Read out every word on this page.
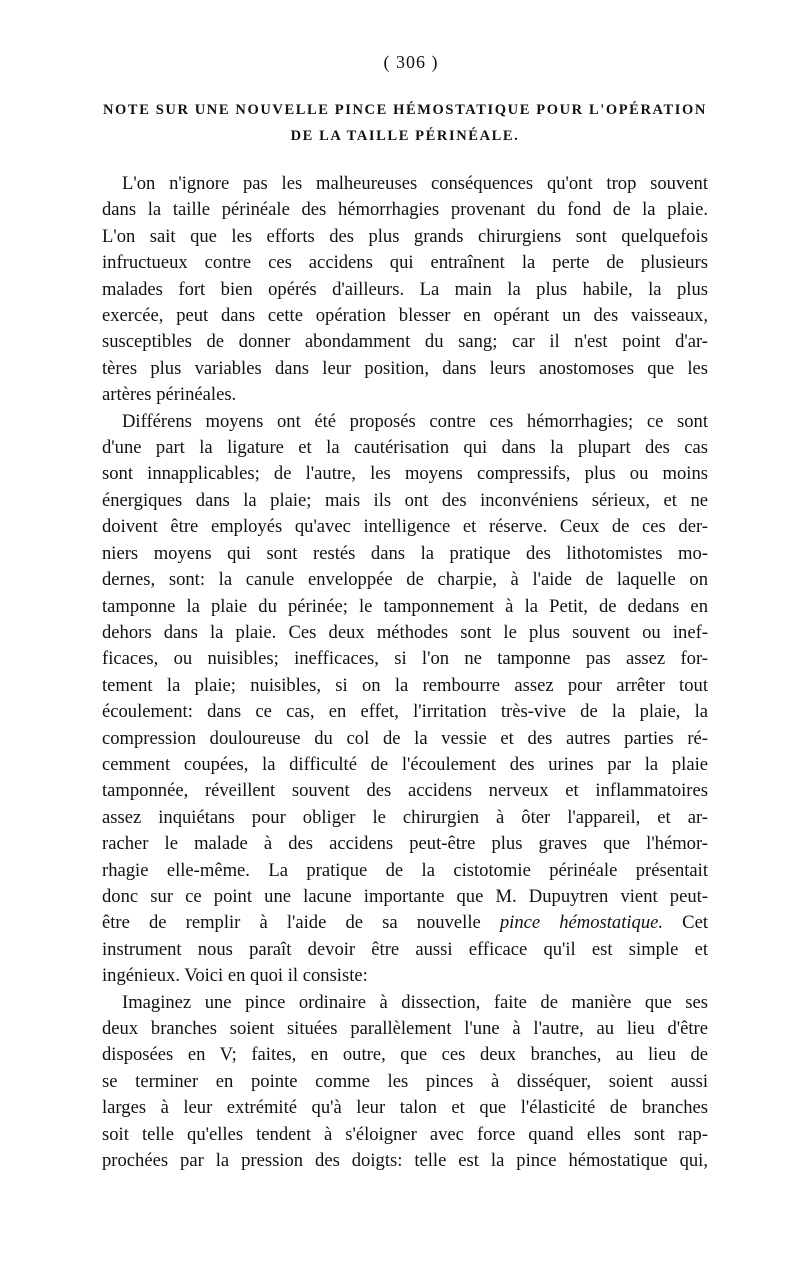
( 306 )
NOTE SUR UNE NOUVELLE PINCE HÉMOSTATIQUE POUR L'OPÉRATION
DE LA TAILLE PÉRINÉALE.

L'on n'ignore pas les malheureuses conséquences qu'ont trop souvent
dans la taille périnéale des hémorrhagies provenant du fond de la plaie.
L'on sait que les efforts des plus grands chirurgiens sont quelquefois
infructueux contre ces accidens qui entraînent la perte de plusieurs
malades fort bien opérés d'ailleurs. La main la plus habile, la plus
exercée, peut dans cette opération blesser en opérant un des vaisseaux,
susceptibles de donner abondamment du sang; car il n'est point d'ar-
tères plus variables dans leur position, dans leurs anostomoses que les
artères périnéales.

Différens moyens ont été proposés contre ces hémorrhagies; ce sont
d'une part la ligature et la cautérisation qui dans la plupart des cas
sont innapplicables; de l'autre, les moyens compressifs, plus ou moins
énergiques dans la plaie; mais ils ont des inconvéniens sérieux, et ne
doivent être employés qu'avec intelligence et réserve. Ceux de ces der-
niers moyens qui sont restés dans la pratique des lithotomistes mo-
dernes, sont: la canule enveloppée de charpie, à l'aide de laquelle on
tamponne la plaie du périnée; le tamponnement à la Petit, de dedans en
dehors dans la plaie. Ces deux méthodes sont le plus souvent ou inef-
ficaces, ou nuisibles; inefficaces, si l'on ne tamponne pas assez for-
tement la plaie; nuisibles, si on la rembourre assez pour arrêter tout
écoulement: dans ce cas, en effet, l'irritation très-vive de la plaie, la
compression douloureuse du col de la vessie et des autres parties ré-
cemment coupées, la difficulté de l'écoulement des urines par la plaie
tamponnée, réveillent souvent des accidens nerveux et inflammatoires
assez inquiétans pour obliger le chirurgien à ôter l'appareil, et ar-
racher le malade à des accidens peut-être plus graves que l'hémor-
rhagie elle-même. La pratique de la cistotomie périnéale présentait
donc sur ce point une lacune importante que M. Dupuytren vient peut-
être de remplir à l'aide de sa nouvelle pince hémostatique. Cet
instrument nous paraît devoir être aussi efficace qu'il est simple et
ingénieux. Voici en quoi il consiste:

Imaginez une pince ordinaire à dissection, faite de manière que ses
deux branches soient situées parallèlement l'une à l'autre, au lieu d'être
disposées en V; faites, en outre, que ces deux branches, au lieu de
se terminer en pointe comme les pinces à disséquer, soient aussi
larges à leur extrémité qu'à leur talon et que l'élasticité de branches
soit telle qu'elles tendent à s'éloigner avec force quand elles sont rap-
prochées par la pression des doigts: telle est la pince hémostatique qui,
